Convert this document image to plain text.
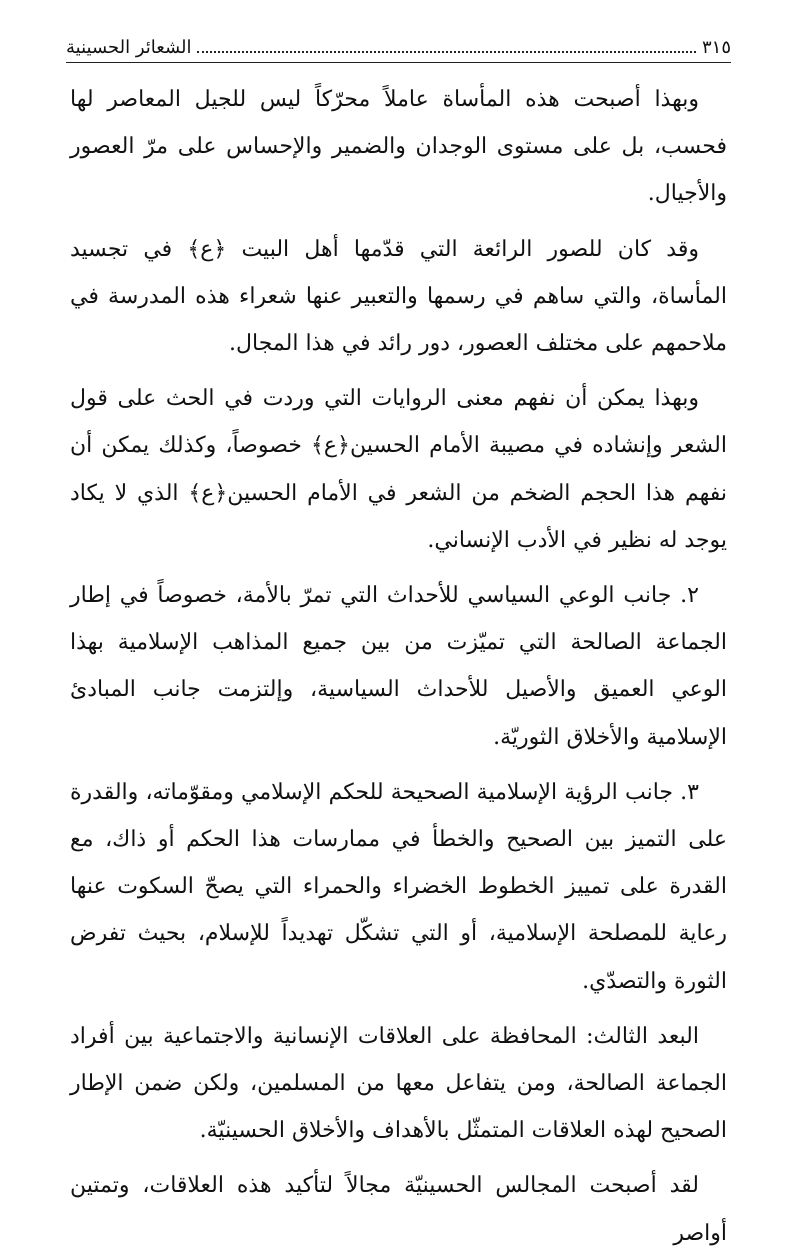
٣١٥
الشعائر الحسينية

وبهذا أصبحت هذه المأساة عاملاً محرّكاً ليس للجيل المعاصر لها فحسب، بل على مستوى الوجدان والضمير والإحساس على مرّ العصور والأجيال.

وقد كان للصور الرائعة التي قدّمها أهل البيت ﴿ع﴾ في تجسيد المأساة، والتي ساهم في رسمها والتعبير عنها شعراء هذه المدرسة في ملاحمهم على مختلف العصور، دور رائد في هذا المجال.

وبهذا يمكن أن نفهم معنى الروايات التي وردت في الحث على قول الشعر وإنشاده في مصيبة الأمام الحسين﴿ع﴾ خصوصاً، وكذلك يمكن أن نفهم هذا الحجم الضخم من الشعر في الأمام الحسين﴿ع﴾ الذي لا يكاد يوجد له نظير في الأدب الإنساني.

٢. جانب الوعي السياسي للأحداث التي تمرّ بالأمة، خصوصاً في إطار الجماعة الصالحة التي تميّزت من بين جميع المذاهب الإسلامية بهذا الوعي العميق والأصيل للأحداث السياسية، وإلتزمت جانب المبادئ الإسلامية والأخلاق الثوريّة.

٣. جانب الرؤية الإسلامية الصحيحة للحكم الإسلامي ومقوّماته، والقدرة على التميز بين الصحيح والخطأ في ممارسات هذا الحكم أو ذاك، مع القدرة على تمييز الخطوط الخضراء والحمراء التي يصحّ السكوت عنها رعاية للمصلحة الإسلامية، أو التي تشكّل تهديداً للإسلام، بحيث تفرض الثورة والتصدّي.

البعد الثالث: المحافظة على العلاقات الإنسانية والاجتماعية بين أفراد الجماعة الصالحة، ومن يتفاعل معها من المسلمين، ولكن ضمن الإطار الصحيح لهذه العلاقات المتمثّل بالأهداف والأخلاق الحسينيّة.

لقد أصبحت المجالس الحسينيّة مجالاً لتأكيد هذه العلاقات، وتمتين أواصر
